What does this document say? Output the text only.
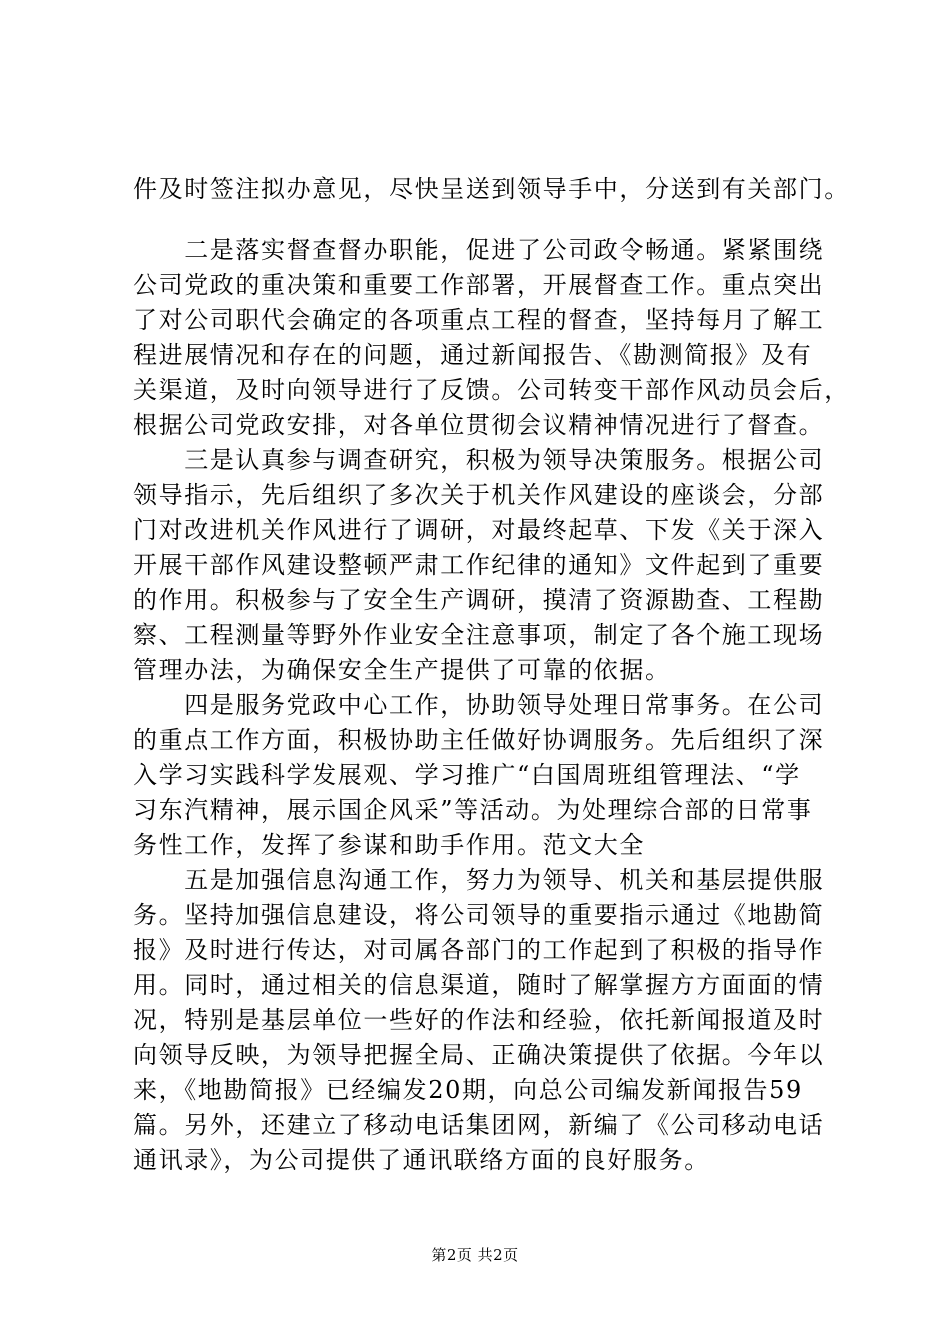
件及时签注拟办意见，尽快呈送到领导手中，分送到有关部门。
　　二是落实督查督办职能，促进了公司政令畅通。紧紧围绕
公司党政的重决策和重要工作部署，开展督查工作。重点突出
了对公司职代会确定的各项重点工程的督查，坚持每月了解工
程进展情况和存在的问题，通过新闻报告、《勘测简报》及有
关渠道，及时向领导进行了反馈。公司转变干部作风动员会后，
根据公司党政安排，对各单位贯彻会议精神情况进行了督查。
　　三是认真参与调查研究，积极为领导决策服务。根据公司
领导指示，先后组织了多次关于机关作风建设的座谈会，分部
门对改进机关作风进行了调研，对最终起草、下发《关于深入
开展干部作风建设整顿严肃工作纪律的通知》文件起到了重要
的作用。积极参与了安全生产调研，摸清了资源勘查、工程勘
察、工程测量等野外作业安全注意事项，制定了各个施工现场
管理办法，为确保安全生产提供了可靠的依据。
　　四是服务党政中心工作，协助领导处理日常事务。在公司
的重点工作方面，积极协助主任做好协调服务。先后组织了深
入学习实践科学发展观、学习推广“白国周班组管理法、“学
习东汽精神，展示国企风采”等活动。为处理综合部的日常事
务性工作，发挥了参谋和助手作用。范文大全
　　五是加强信息沟通工作，努力为领导、机关和基层提供服
务。坚持加强信息建设，将公司领导的重要指示通过《地勘简
报》及时进行传达，对司属各部门的工作起到了积极的指导作
用。同时，通过相关的信息渠道，随时了解掌握方方面面的情
况，特别是基层单位一些好的作法和经验，依托新闻报道及时
向领导反映，为领导把握全局、正确决策提供了依据。今年以
来，《地勘简报》已经编发20期，向总公司编发新闻报告59
篇。另外，还建立了移动电话集团网，新编了《公司移动电话
通讯录》，为公司提供了通讯联络方面的良好服务。
第2页 共2页
